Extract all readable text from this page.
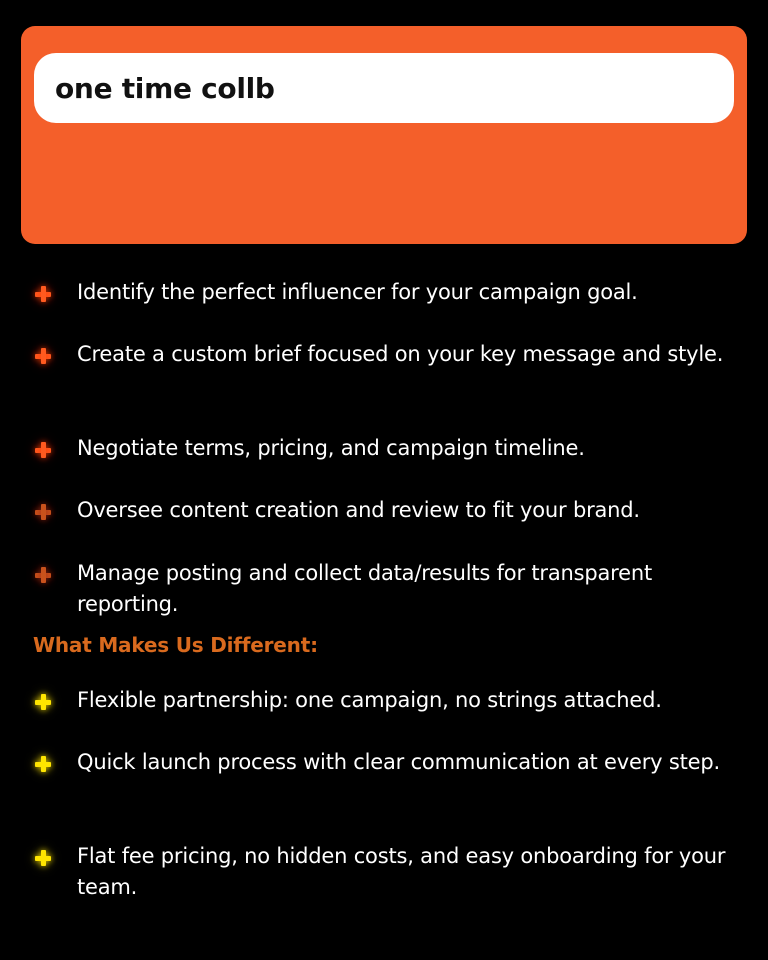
one time collb
Identify the perfect influencer for your campaign goal.
Create a custom brief focused on your key message and style.
Negotiate terms, pricing, and campaign timeline.
Oversee content creation and review to fit your brand.
Manage posting and collect data/results for transparent reporting.
What Makes Us Different:
Flexible partnership: one campaign, no strings attached.
Quick launch process with clear communication at every step.
Flat fee pricing, no hidden costs, and easy onboarding for your team.
